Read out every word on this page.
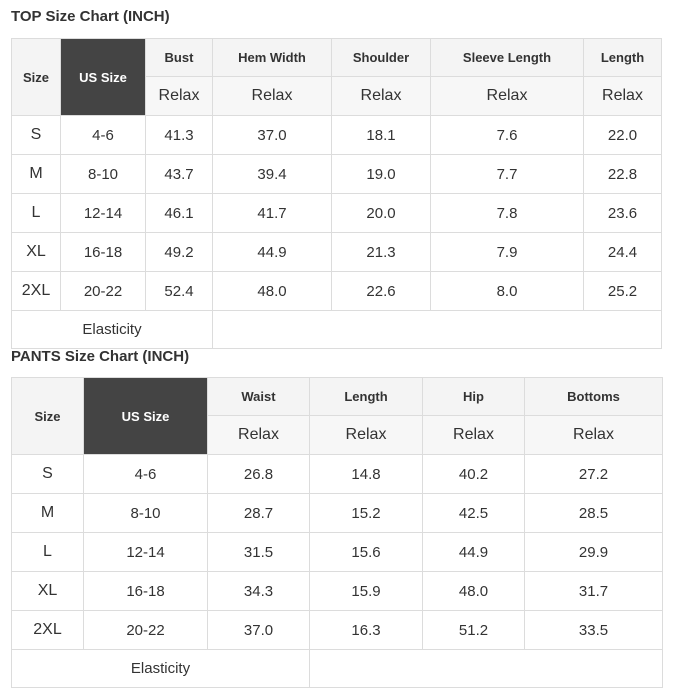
TOP Size Chart (INCH)
Size	US Size	Bust	Hem Width	Shoulder	Sleeve Length	Length
		Relax	Relax	Relax	Relax	Relax
S	4-6	41.3	37.0	18.1	7.6	22.0
M	8-10	43.7	39.4	19.0	7.7	22.8
L	12-14	46.1	41.7	20.0	7.8	23.6
XL	16-18	49.2	44.9	21.3	7.9	24.4
2XL	20-22	52.4	48.0	22.6	8.0	25.2
Elasticity						
PANTS Size Chart (INCH)
Size	US Size	Waist	Length	Hip	Bottoms
		Relax	Relax	Relax	Relax
S	4-6	26.8	14.8	40.2	27.2
M	8-10	28.7	15.2	42.5	28.5
L	12-14	31.5	15.6	44.9	29.9
XL	16-18	34.3	15.9	48.0	31.7
2XL	20-22	37.0	16.3	51.2	33.5
Elasticity					
